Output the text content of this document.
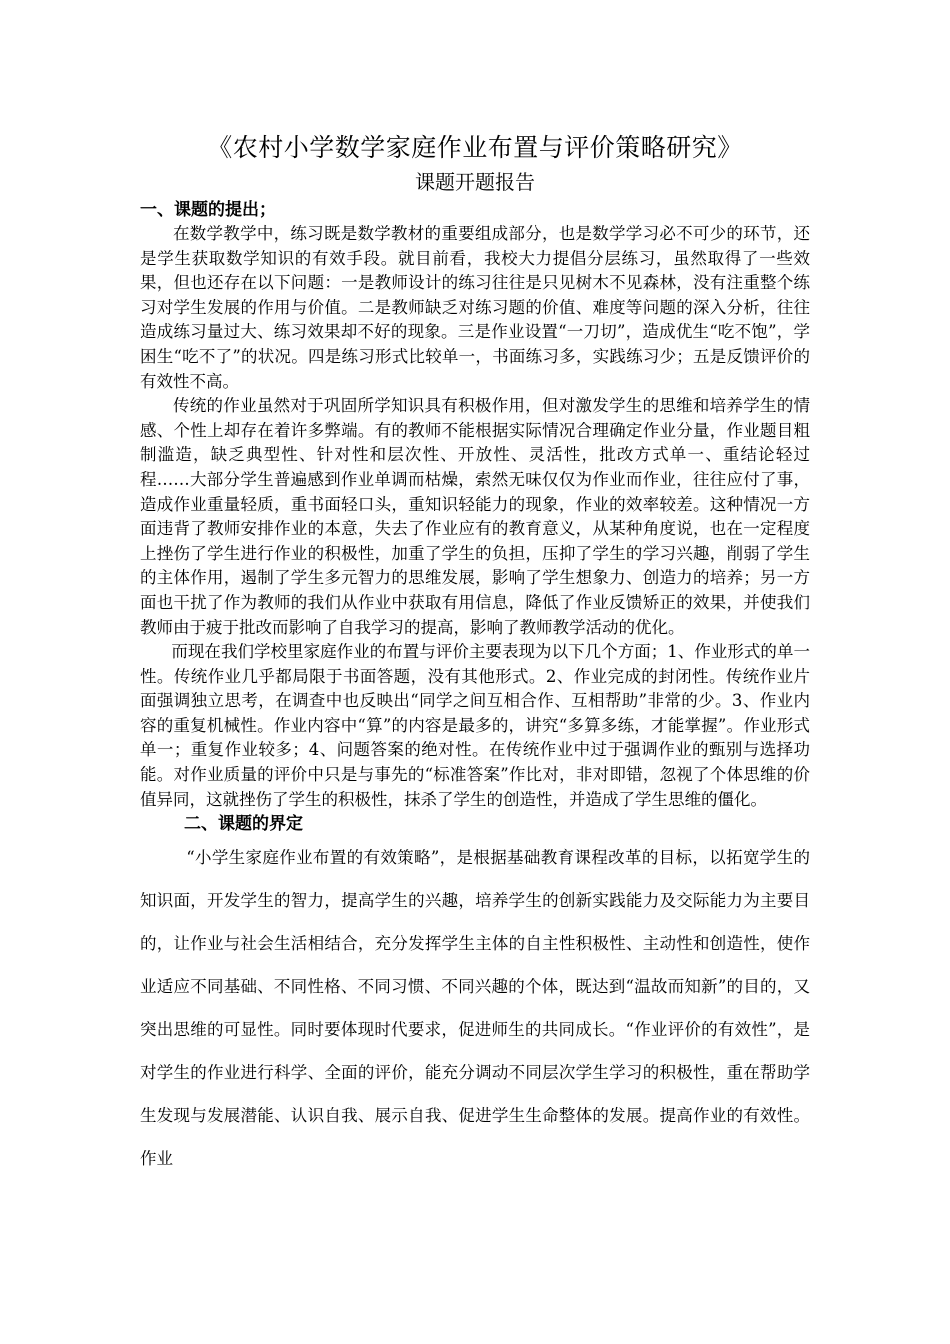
《农村小学数学家庭作业布置与评价策略研究》
课题开题报告
一、课题的提出；

在数学教学中，练习既是数学教材的重要组成部分，也是数学学习必不可少的环节，还是学生获取数学知识的有效手段。就目前看，我校大力提倡分层练习，虽然取得了一些效果，但也还存在以下问题：一是教师设计的练习往往是只见树木不见森林，没有注重整个练习对学生发展的作用与价值。二是教师缺乏对练习题的价值、难度等问题的深入分析，往往造成练习量过大、练习效果却不好的现象。三是作业设置“一刀切”，造成优生“吃不饱”，学困生“吃不了”的状况。四是练习形式比较单一，书面练习多，实践练习少；五是反馈评价的有效性不高。

传统的作业虽然对于巩固所学知识具有积极作用，但对激发学生的思维和培养学生的情感、个性上却存在着许多弊端。有的教师不能根据实际情况合理确定作业分量，作业题目粗制滥造，缺乏典型性、针对性和层次性、开放性、灵活性，批改方式单一、重结论轻过程……大部分学生普遍感到作业单调而枯燥，索然无味仅仅为作业而作业，往往应付了事，造成作业重量轻质，重书面轻口头，重知识轻能力的现象，作业的效率较差。这种情况一方面违背了教师安排作业的本意，失去了作业应有的教育意义，从某种角度说，也在一定程度上挫伤了学生进行作业的积极性，加重了学生的负担，压抑了学生的学习兴趣，削弱了学生的主体作用，遏制了学生多元智力的思维发展，影响了学生想象力、创造力的培养；另一方面也干扰了作为教师的我们从作业中获取有用信息，降低了作业反馈矫正的效果，并使我们教师由于疲于批改而影响了自我学习的提高，影响了教师教学活动的优化。

而现在我们学校里家庭作业的布置与评价主要表现为以下几个方面；1、作业形式的单一性。传统作业几乎都局限于书面答题，没有其他形式。2、作业完成的封闭性。传统作业片面强调独立思考，在调查中也反映出“同学之间互相合作、互相帮助”非常的少。3、作业内容的重复机械性。作业内容中“算”的内容是最多的，讲究“多算多练，才能掌握”。作业形式单一；重复作业较多；4、问题答案的绝对性。在传统作业中过于强调作业的甄别与选择功能。对作业质量的评价中只是与事先的“标准答案”作比对，非对即错，忽视了个体思维的价值异同，这就挫伤了学生的积极性，抹杀了学生的创造性，并造成了学生思维的僵化。

二、课题的界定

“小学生家庭作业布置的有效策略”，是根据基础教育课程改革的目标，以拓宽学生的知识面，开发学生的智力，提高学生的兴趣，培养学生的创新实践能力及交际能力为主要目的，让作业与社会生活相结合，充分发挥学生主体的自主性积极性、主动性和创造性，使作业适应不同基础、不同性格、不同习惯、不同兴趣的个体，既达到“温故而知新”的目的，又突出思维的可显性。同时要体现时代要求，促进师生的共同成长。“作业评价的有效性”，是对学生的作业进行科学、全面的评价，能充分调动不同层次学生学习的积极性，重在帮助学生发现与发展潜能、认识自我、展示自我、促进学生生命整体的发展。提高作业的有效性。作业
